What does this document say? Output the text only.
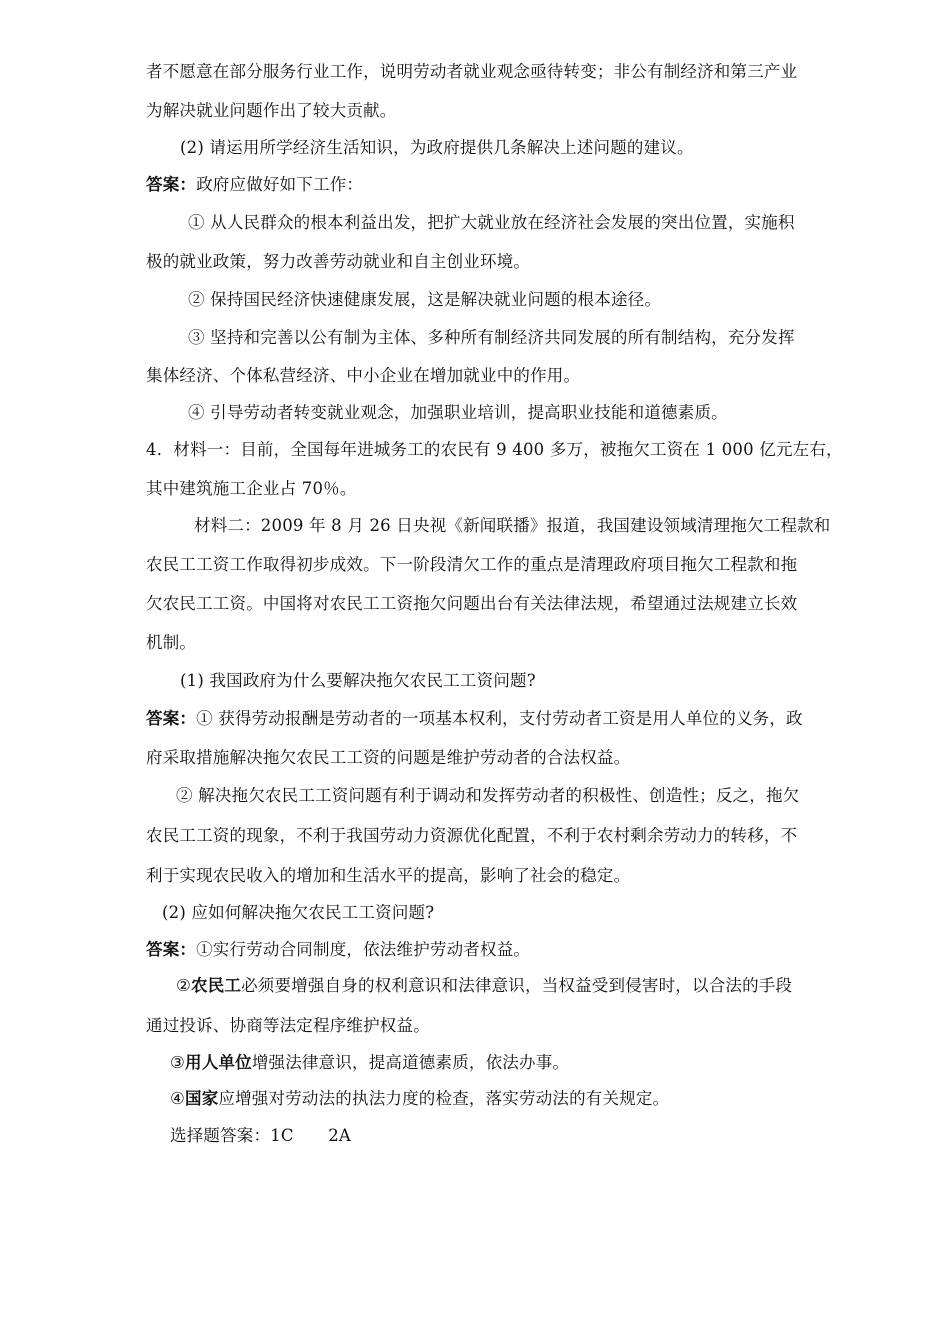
者不愿意在部分服务行业工作，说明劳动者就业观念亟待转变；非公有制经济和第三产业
为解决就业问题作出了较大贡献。
(2) 请运用所学经济生活知识，为政府提供几条解决上述问题的建议。
答案：政府应做好如下工作：
① 从人民群众的根本利益出发，把扩大就业放在经济社会发展的突出位置，实施积
极的就业政策，努力改善劳动就业和自主创业环境。
② 保持国民经济快速健康发展，这是解决就业问题的根本途径。
③ 坚持和完善以公有制为主体、多种所有制经济共同发展的所有制结构，充分发挥
集体经济、个体私营经济、中小企业在增加就业中的作用。
④ 引导劳动者转变就业观念，加强职业培训，提高职业技能和道德素质。
4．材料一：目前，全国每年进城务工的农民有 9 400 多万，被拖欠工资在 1 000 亿元左右，
其中建筑施工企业占 70％。
材料二：2009 年 8 月 26 日央视《新闻联播》报道，我国建设领域清理拖欠工程款和
农民工工资工作取得初步成效。下一阶段清欠工作的重点是清理政府项目拖欠工程款和拖
欠农民工工资。中国将对农民工工资拖欠问题出台有关法律法规，希望通过法规建立长效
机制。
(1) 我国政府为什么要解决拖欠农民工工资问题?
答案：① 获得劳动报酬是劳动者的一项基本权利，支付劳动者工资是用人单位的义务，政
府采取措施解决拖欠农民工工资的问题是维护劳动者的合法权益。
② 解决拖欠农民工工资问题有利于调动和发挥劳动者的积极性、创造性；反之，拖欠
农民工工资的现象，不利于我国劳动力资源优化配置，不利于农村剩余劳动力的转移，不
利于实现农民收入的增加和生活水平的提高，影响了社会的稳定。
(2) 应如何解决拖欠农民工工资问题?
答案：①实行劳动合同制度，依法维护劳动者权益。
②农民工必须要增强自身的权利意识和法律意识，当权益受到侵害时，以合法的手段
通过投诉、协商等法定程序维护权益。
③用人单位增强法律意识，提高道德素质，依法办事。
④国家应增强对劳动法的执法力度的检查，落实劳动法的有关规定。
选择题答案：1C 2A
